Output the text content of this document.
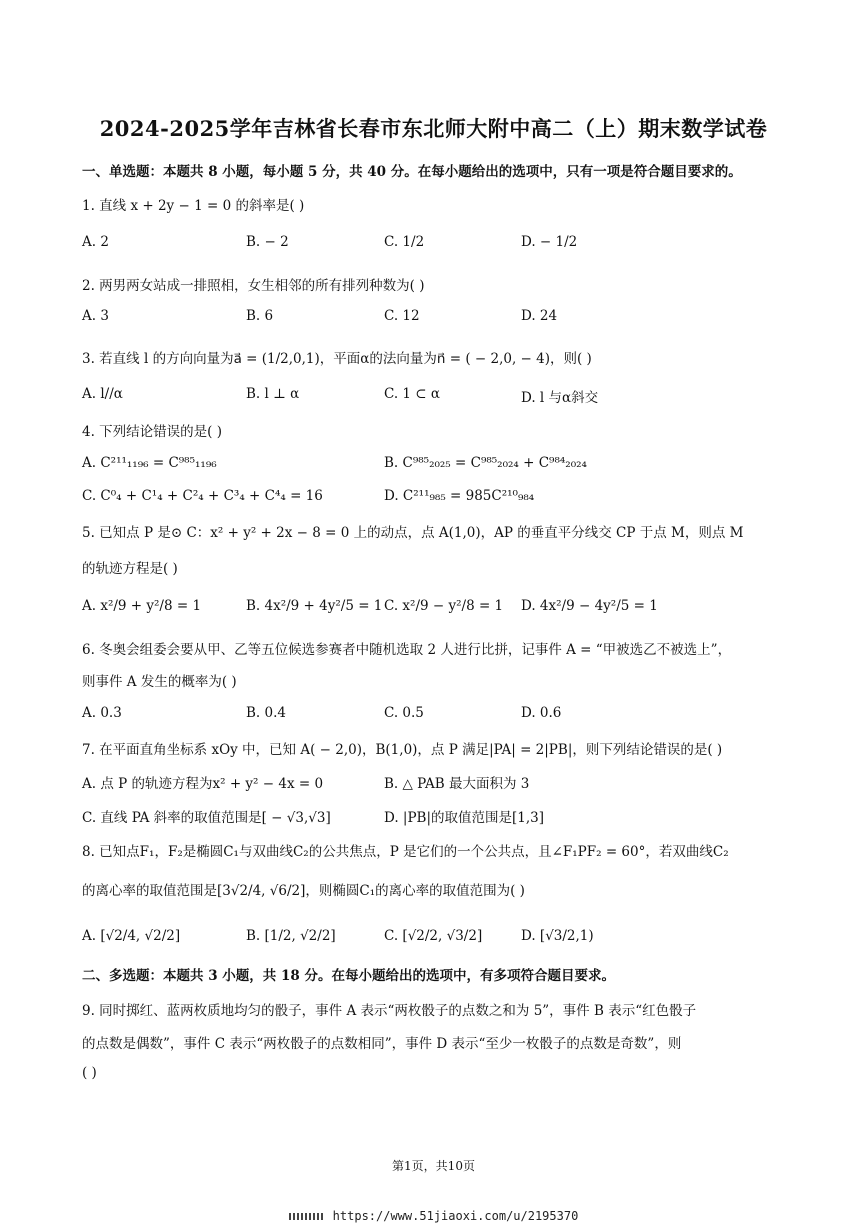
2024-2025学年吉林省长春市东北师大附中高二（上）期末数学试卷
一、单选题：本题共 8 小题，每小题 5 分，共 40 分。在每小题给出的选项中，只有一项是符合题目要求的。
1. 直线 x + 2y − 1 = 0 的斜率是( )
A. 2	B. − 2	C. 1/2	D. − 1/2
2. 两男两女站成一排照相，女生相邻的所有排列种数为( )
A. 3	B. 6	C. 12	D. 24
3. 若直线 l 的方向向量为a⃗ = (1/2,0,1)，平面α的法向量为n⃗ = ( − 2,0, − 4)，则( )
A. l//α	B. l ⊥ α	C. 1 ⊂ α	D. l 与α斜交
4. 下列结论错误的是( )
A. C²¹¹₁₁₉₆ = C⁹⁸⁵₁₁₉₆	B. C⁹⁸⁵₂₀₂₅ = C⁹⁸⁵₂₀₂₄ + C⁹⁸⁴₂₀₂₄
C. C⁰₄ + C¹₄ + C²₄ + C³₄ + C⁴₄ = 16	D. C²¹¹₉₈₅ = 985C²¹⁰₉₈₄
5. 已知点 P 是⊙ C：x² + y² + 2x − 8 = 0 上的动点，点 A(1,0)，AP 的垂直平分线交 CP 于点 M，则点 M
的轨迹方程是( )
A. x²/9 + y²/8 = 1	B. 4x²/9 + 4y²/5 = 1 C. x²/9 − y²/8 = 1 D. 4x²/9 − 4y²/5 = 1
6. 冬奥会组委会要从甲、乙等五位候选参赛者中随机选取 2 人进行比拼，记事件 A = “甲被选乙不被选上”，
则事件 A 发生的概率为( )
A. 0.3	B. 0.4	C. 0.5	D. 0.6
7. 在平面直角坐标系 xOy 中，已知 A( − 2,0)，B(1,0)，点 P 满足|PA| = 2|PB|，则下列结论错误的是( )
A. 点 P 的轨迹方程为x² + y² − 4x = 0	B. △ PAB 最大面积为 3
C. 直线 PA 斜率的取值范围是[ − √3,√3]	D. |PB|的取值范围是[1,3]
8. 已知点F₁，F₂是椭圆C₁与双曲线C₂的公共焦点，P 是它们的一个公共点，且∠F₁PF₂ = 60°，若双曲线C₂
的离心率的取值范围是[3√2/4, √6/2]，则椭圆C₁的离心率的取值范围为( )
A. [√2/4, √2/2]	B. [1/2, √2/2]	C. [√2/2, √3/2]	D. [√3/2,1)
二、多选题：本题共 3 小题，共 18 分。在每小题给出的选项中，有多项符合题目要求。
9. 同时掷红、蓝两枚质地均匀的骰子，事件 A 表示“两枚骰子的点数之和为 5”，事件 B 表示“红色骰子
的点数是偶数”，事件 C 表示“两枚骰子的点数相同”，事件 D 表示“至少一枚骰子的点数是奇数”，则
( )
第1页，共10页
https://www.51jiaoxi.com/u/2195370
